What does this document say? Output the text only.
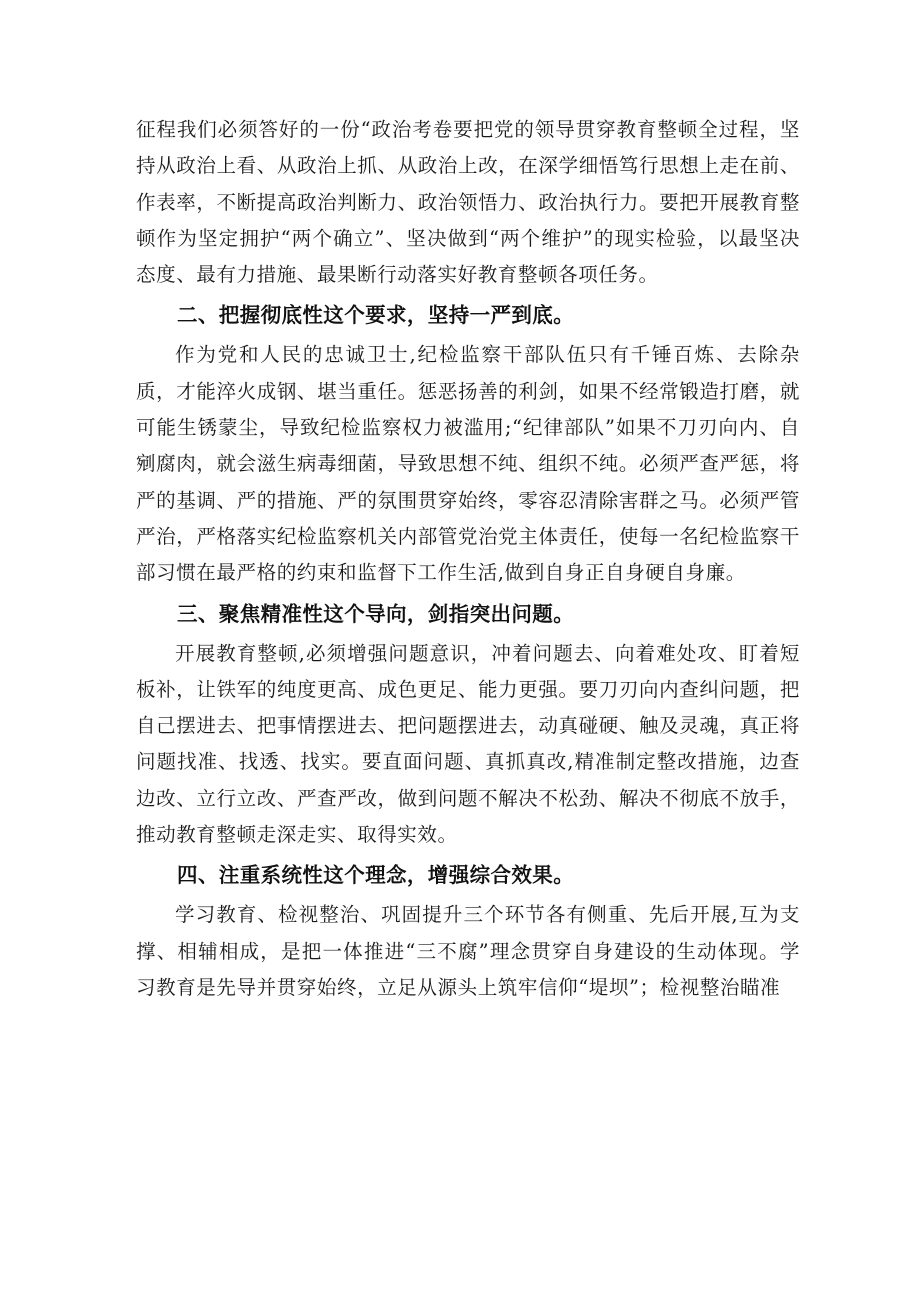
征程我们必须答好的一份“政治考卷要把党的领导贯穿教育整顿全过程，坚持从政治上看、从政治上抓、从政治上改，在深学细悟笃行思想上走在前、作表率，不断提高政治判断力、政治领悟力、政治执行力。要把开展教育整顿作为坚定拥护“两个确立”、坚决做到“两个维护”的现实检验，以最坚决态度、最有力措施、最果断行动落实好教育整顿各项任务。

二、把握彻底性这个要求，坚持一严到底。

作为党和人民的忠诚卫士,纪检监察干部队伍只有千锤百炼、去除杂质，才能淬火成钢、堪当重任。惩恶扬善的利剑，如果不经常锻造打磨，就可能生锈蒙尘，导致纪检监察权力被滥用;“纪律部队”如果不刀刃向内、自剜腐肉，就会滋生病毒细菌，导致思想不纯、组织不纯。必须严查严惩，将严的基调、严的措施、严的氛围贯穿始终，零容忍清除害群之马。必须严管严治，严格落实纪检监察机关内部管党治党主体责任，使每一名纪检监察干部习惯在最严格的约束和监督下工作生活,做到自身正自身硬自身廉。

三、聚焦精准性这个导向，剑指突出问题。

开展教育整顿,必须增强问题意识，冲着问题去、向着难处攻、盯着短板补，让铁军的纯度更高、成色更足、能力更强。要刀刃向内查纠问题，把自己摆进去、把事情摆进去、把问题摆进去，动真碰硬、触及灵魂，真正将问题找准、找透、找实。要直面问题、真抓真改,精准制定整改措施，边查边改、立行立改、严查严改，做到问题不解决不松劲、解决不彻底不放手，推动教育整顿走深走实、取得实效。

四、注重系统性这个理念，增强综合效果。

学习教育、检视整治、巩固提升三个环节各有侧重、先后开展,互为支撑、相辅相成，是把一体推进“三不腐”理念贯穿自身建设的生动体现。学习教育是先导并贯穿始终，立足从源头上筑牢信仰“堤坝”；检视整治瞄准
